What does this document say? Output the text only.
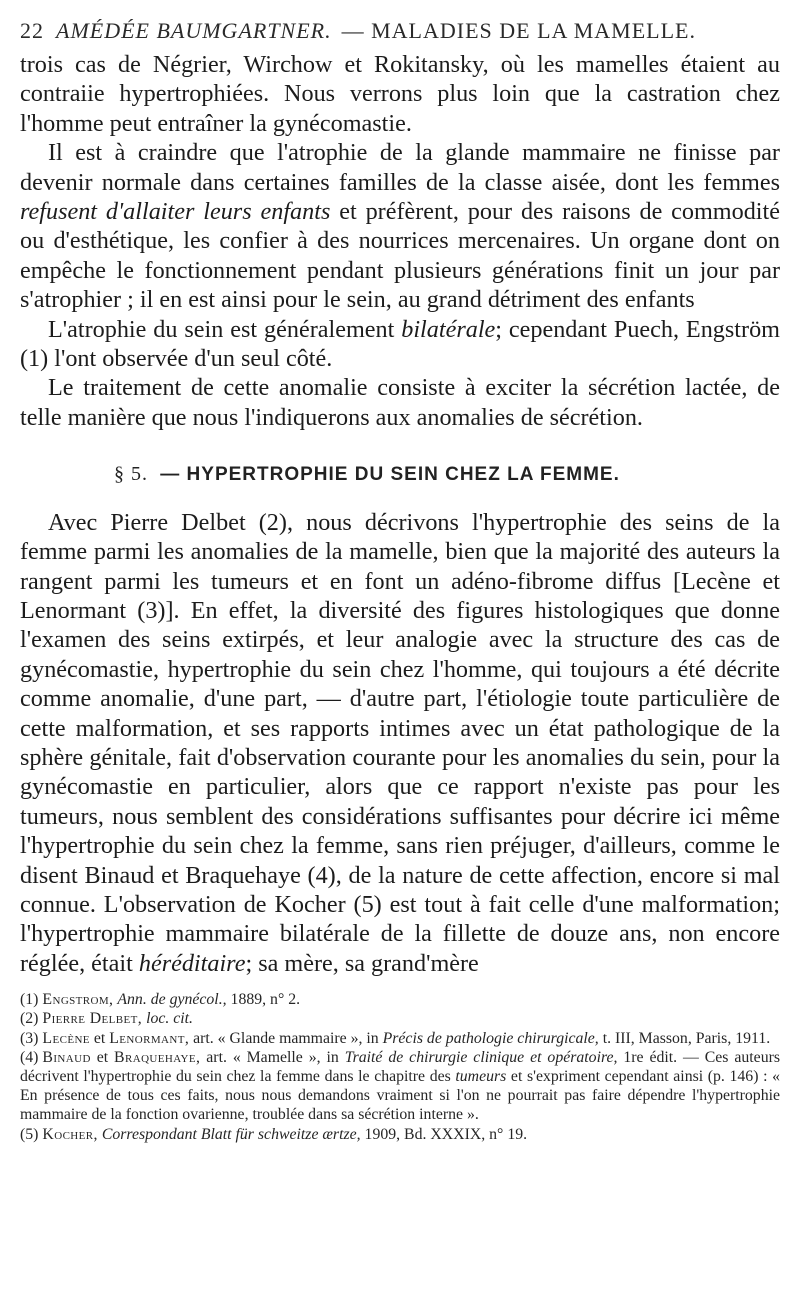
22 AMÉDÉE BAUMGARTNER. — MALADIES DE LA MAMELLE.

trois cas de Négrier, Wirchow et Rokitansky, où les mamelles étaient au contraiie hypertrophiées. Nous verrons plus loin que la castration chez l'homme peut entraîner la gynécomastie.

Il est à craindre que l'atrophie de la glande mammaire ne finisse par devenir normale dans certaines familles de la classe aisée, dont les femmes refusent d'allaiter leurs enfants et préfèrent, pour des raisons de commodité ou d'esthétique, les confier à des nourrices mercenaires. Un organe dont on empêche le fonctionnement pendant plusieurs générations finit un jour par s'atrophier ; il en est ainsi pour le sein, au grand détriment des enfants

L'atrophie du sein est généralement bilatérale; cependant Puech, Engström (1) l'ont observée d'un seul côté.

Le traitement de cette anomalie consiste à exciter la sécrétion lactée, de telle manière que nous l'indiquerons aux anomalies de sécrétion.

§ 5. — HYPERTROPHIE DU SEIN CHEZ LA FEMME.

Avec Pierre Delbet (2), nous décrivons l'hypertrophie des seins de la femme parmi les anomalies de la mamelle, bien que la majorité des auteurs la rangent parmi les tumeurs et en font un adéno-fibrome diffus [Lecène et Lenormant (3)]. En effet, la diversité des figures histologiques que donne l'examen des seins extirpés, et leur analogie avec la structure des cas de gynécomastie, hypertrophie du sein chez l'homme, qui toujours a été décrite comme anomalie, d'une part, — d'autre part, l'étiologie toute particulière de cette malformation, et ses rapports intimes avec un état pathologique de la sphère génitale, fait d'observation courante pour les anomalies du sein, pour la gynécomastie en particulier, alors que ce rapport n'existe pas pour les tumeurs, nous semblent des considérations suffisantes pour décrire ici même l'hypertrophie du sein chez la femme, sans rien préjuger, d'ailleurs, comme le disent Binaud et Braquehaye (4), de la nature de cette affection, encore si mal connue. L'observation de Kocher (5) est tout à fait celle d'une malformation; l'hypertrophie mammaire bilatérale de la fillette de douze ans, non encore réglée, était héréditaire; sa mère, sa grand'mère

(1) Engstrom, Ann. de gynécol., 1889, n° 2.
(2) Pierre Delbet, loc. cit.
(3) Lecène et Lenormant, art. « Glande mammaire », in Précis de pathologie chirurgicale, t. III, Masson, Paris, 1911.
(4) Binaud et Braquehaye, art. « Mamelle », in Traité de chirurgie clinique et opératoire, 1re édit. — Ces auteurs décrivent l'hypertrophie du sein chez la femme dans le chapitre des tumeurs et s'expriment cependant ainsi (p. 146) : « En présence de tous ces faits, nous nous demandons vraiment si l'on ne pourrait pas faire dépendre l'hypertrophie mammaire de la fonction ovarienne, troublée dans sa sécrétion interne ».
(5) Kocher, Correspondant Blatt für schweitze ærtze, 1909, Bd. XXXIX, n° 19.
